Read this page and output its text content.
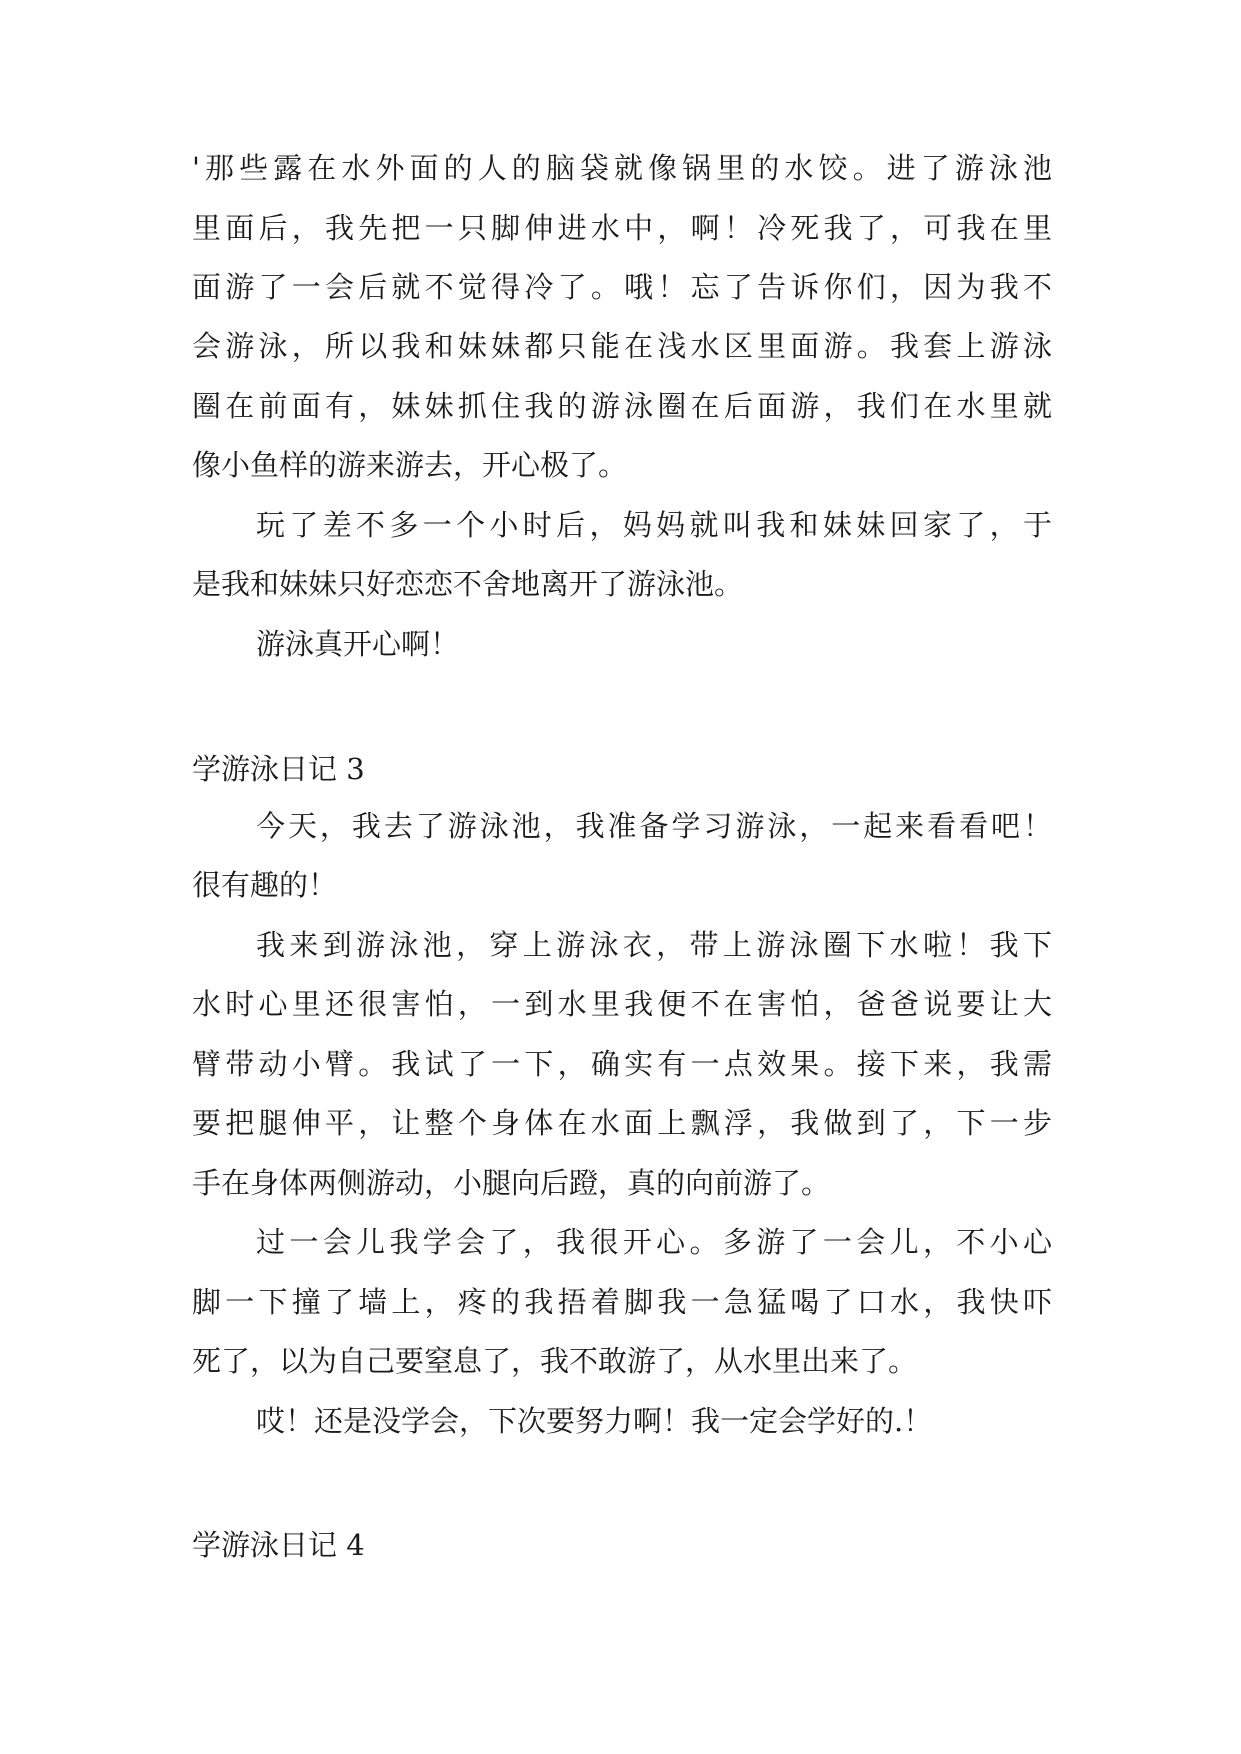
'那些露在水外面的人的脑袋就像锅里的水饺。进了游泳池
里面后，我先把一只脚伸进水中，啊！冷死我了，可我在里
面游了一会后就不觉得冷了。哦！忘了告诉你们，因为我不
会游泳，所以我和妹妹都只能在浅水区里面游。我套上游泳
圈在前面有，妹妹抓住我的游泳圈在后面游，我们在水里就
像小鱼样的游来游去，开心极了。
玩了差不多一个小时后，妈妈就叫我和妹妹回家了，于
是我和妹妹只好恋恋不舍地离开了游泳池。
游泳真开心啊！
学游泳日记 3
今天，我去了游泳池，我准备学习游泳，一起来看看吧！
很有趣的！
我来到游泳池，穿上游泳衣，带上游泳圈下水啦！我下
水时心里还很害怕，一到水里我便不在害怕，爸爸说要让大
臂带动小臂。我试了一下，确实有一点效果。接下来，我需
要把腿伸平，让整个身体在水面上飘浮，我做到了，下一步
手在身体两侧游动，小腿向后蹬，真的向前游了。
过一会儿我学会了，我很开心。多游了一会儿，不小心
脚一下撞了墙上，疼的我捂着脚我一急猛喝了口水，我快吓
死了，以为自己要窒息了，我不敢游了，从水里出来了。
哎！还是没学会，下次要努力啊！我一定会学好的.！
学游泳日记 4
